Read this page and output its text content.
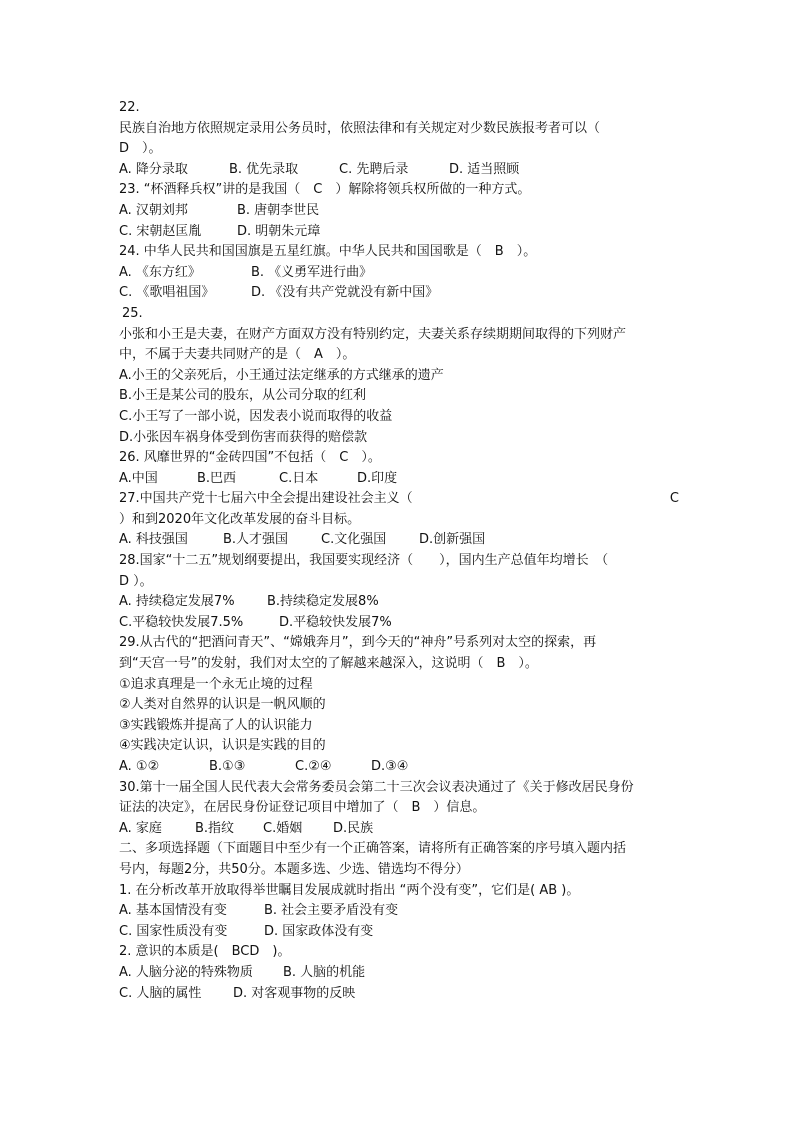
22.
民族自治地方依照规定录用公务员时，依照法律和有关规定对少数民族报考者可以（
D　）。
A. 降分录取	B. 优先录取	C. 先聘后录	D. 适当照顾
23. “杯酒释兵权”讲的是我国（　C　）解除将领兵权所做的一种方式。
A. 汉朝刘邦	B. 唐朝李世民
C. 宋朝赵匡胤	D. 明朝朱元璋
24. 中华人民共和国国旗是五星红旗。中华人民共和国国歌是（　B　）。
A. 《东方红》	B. 《义勇军进行曲》
C. 《歌唱祖国》	D. 《没有共产党就没有新中国》
25.
小张和小王是夫妻，在财产方面双方没有特别约定，夫妻关系存续期期间取得的下列财产
中，不属于夫妻共同财产的是（　A　）。
A.小王的父亲死后，小王通过法定继承的方式继承的遗产
B.小王是某公司的股东，从公司分取的红利
C.小王写了一部小说，因发表小说而取得的收益
D.小张因车祸身体受到伤害而获得的赔偿款
26. 风靡世界的“金砖四国”不包括（　C　）。
A.中国	B.巴西	C.日本	D.印度
27.中国共产党十七届六中全会提出建设社会主义（	C
）和到2020年文化改革发展的奋斗目标。
A. 科技强国	B.人才强国	C.文化强国	D.创新强国
28.国家“十二五”规划纲要提出，我国要实现经济（　　），国内生产总值年均增长　（
D ）。
A. 持续稳定发展7%	B.持续稳定发展8%
C.平稳较快发展7.5%	D.平稳较快发展7%
29.从古代的“把酒问青天”、“嫦娥奔月”，到今天的“神舟”号系列对太空的探索，再
到“天宫一号”的发射，我们对太空的了解越来越深入，这说明（　B　）。
①追求真理是一个永无止境的过程
②人类对自然界的认识是一帆风顺的
③实践锻炼并提高了人的认识能力
④实践决定认识，认识是实践的目的
A. ①②	B.①③	C.②④	D.③④
30.第十一届全国人民代表大会常务委员会第二十三次会议表决通过了《关于修改居民身份
证法的决定》，在居民身份证登记项目中增加了（　B　）信息。
A. 家庭	B.指纹	C.婚姻	D.民族
二、多项选择题（下面题目中至少有一个正确答案，请将所有正确答案的序号填入题内括
号内，每题2分，共50分。本题多选、少选、错选均不得分）
1. 在分析改革开放取得举世瞩目发展成就时指出 “两个没有变”，它们是( AB )。
A. 基本国情没有变	B. 社会主要矛盾没有变
C. 国家性质没有变	D. 国家政体没有变
2. 意识的本质是(　BCD　)。
A. 人脑分泌的特殊物质	B. 人脑的机能
C. 人脑的属性	D. 对客观事物的反映
